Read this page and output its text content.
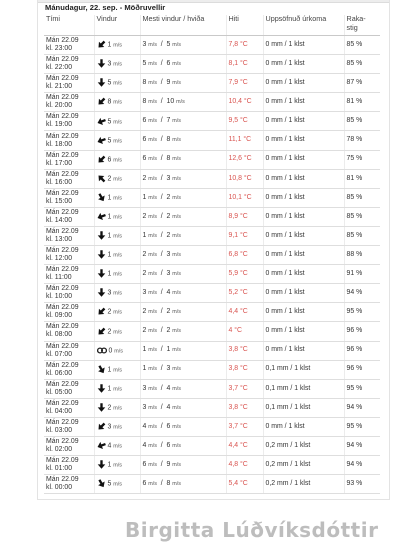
Mánudagur, 22. sep. - Möðruvellir
Tími	Vindur	Mesti vindur / hviða	Hiti	Uppsöfnuð úrkoma	Raka-
stig
Mán 22.09
kl. 23:00	1 m/s	3 m/s  /  5 m/s	7,8 °C	0 mm / 1 klst	85 %
Mán 22.09
kl. 22:00	3 m/s	5 m/s  /  6 m/s	8,1 °C	0 mm / 1 klst	85 %
Mán 22.09
kl. 21:00	5 m/s	8 m/s  /  9 m/s	7,9 °C	0 mm / 1 klst	87 %
Mán 22.09
kl. 20:00	8 m/s	8 m/s  /  10 m/s	10,4 °C	0 mm / 1 klst	81 %
Mán 22.09
kl. 19:00	5 m/s	6 m/s  /  7 m/s	9,5 °C	0 mm / 1 klst	85 %
Mán 22.09
kl. 18:00	5 m/s	6 m/s  /  8 m/s	11,1 °C	0 mm / 1 klst	78 %
Mán 22.09
kl. 17:00	6 m/s	6 m/s  /  8 m/s	12,6 °C	0 mm / 1 klst	75 %
Mán 22.09
kl. 16:00	2 m/s	2 m/s  /  3 m/s	10,8 °C	0 mm / 1 klst	81 %
Mán 22.09
kl. 15:00	1 m/s	1 m/s  /  2 m/s	10,1 °C	0 mm / 1 klst	85 %
Mán 22.09
kl. 14:00	1 m/s	2 m/s  /  2 m/s	8,9 °C	0 mm / 1 klst	85 %
Mán 22.09
kl. 13:00	1 m/s	1 m/s  /  2 m/s	9,1 °C	0 mm / 1 klst	85 %
Mán 22.09
kl. 12:00	1 m/s	2 m/s  /  3 m/s	6,8 °C	0 mm / 1 klst	88 %
Mán 22.09
kl. 11:00	1 m/s	2 m/s  /  3 m/s	5,9 °C	0 mm / 1 klst	91 %
Mán 22.09
kl. 10:00	3 m/s	3 m/s  /  4 m/s	5,2 °C	0 mm / 1 klst	94 %
Mán 22.09
kl. 09:00	2 m/s	2 m/s  /  2 m/s	4,4 °C	0 mm / 1 klst	95 %
Mán 22.09
kl. 08:00	2 m/s	2 m/s  /  2 m/s	4 °C	0 mm / 1 klst	96 %
Mán 22.09
kl. 07:00	0 m/s	1 m/s  /  1 m/s	3,8 °C	0 mm / 1 klst	96 %
Mán 22.09
kl. 06:00	1 m/s	1 m/s  /  3 m/s	3,8 °C	0,1 mm / 1 klst	96 %
Mán 22.09
kl. 05:00	1 m/s	3 m/s  /  4 m/s	3,7 °C	0,1 mm / 1 klst	95 %
Mán 22.09
kl. 04:00	2 m/s	3 m/s  /  4 m/s	3,8 °C	0,1 mm / 1 klst	94 %
Mán 22.09
kl. 03:00	3 m/s	4 m/s  /  6 m/s	3,7 °C	0 mm / 1 klst	95 %
Mán 22.09
kl. 02:00	4 m/s	4 m/s  /  6 m/s	4,4 °C	0,2 mm / 1 klst	94 %
Mán 22.09
kl. 01:00	1 m/s	6 m/s  /  9 m/s	4,8 °C	0,2 mm / 1 klst	94 %
Mán 22.09
kl. 00:00	5 m/s	6 m/s  /  8 m/s	5,4 °C	0,2 mm / 1 klst	93 %
Birgitta Lúðvíksdóttir
